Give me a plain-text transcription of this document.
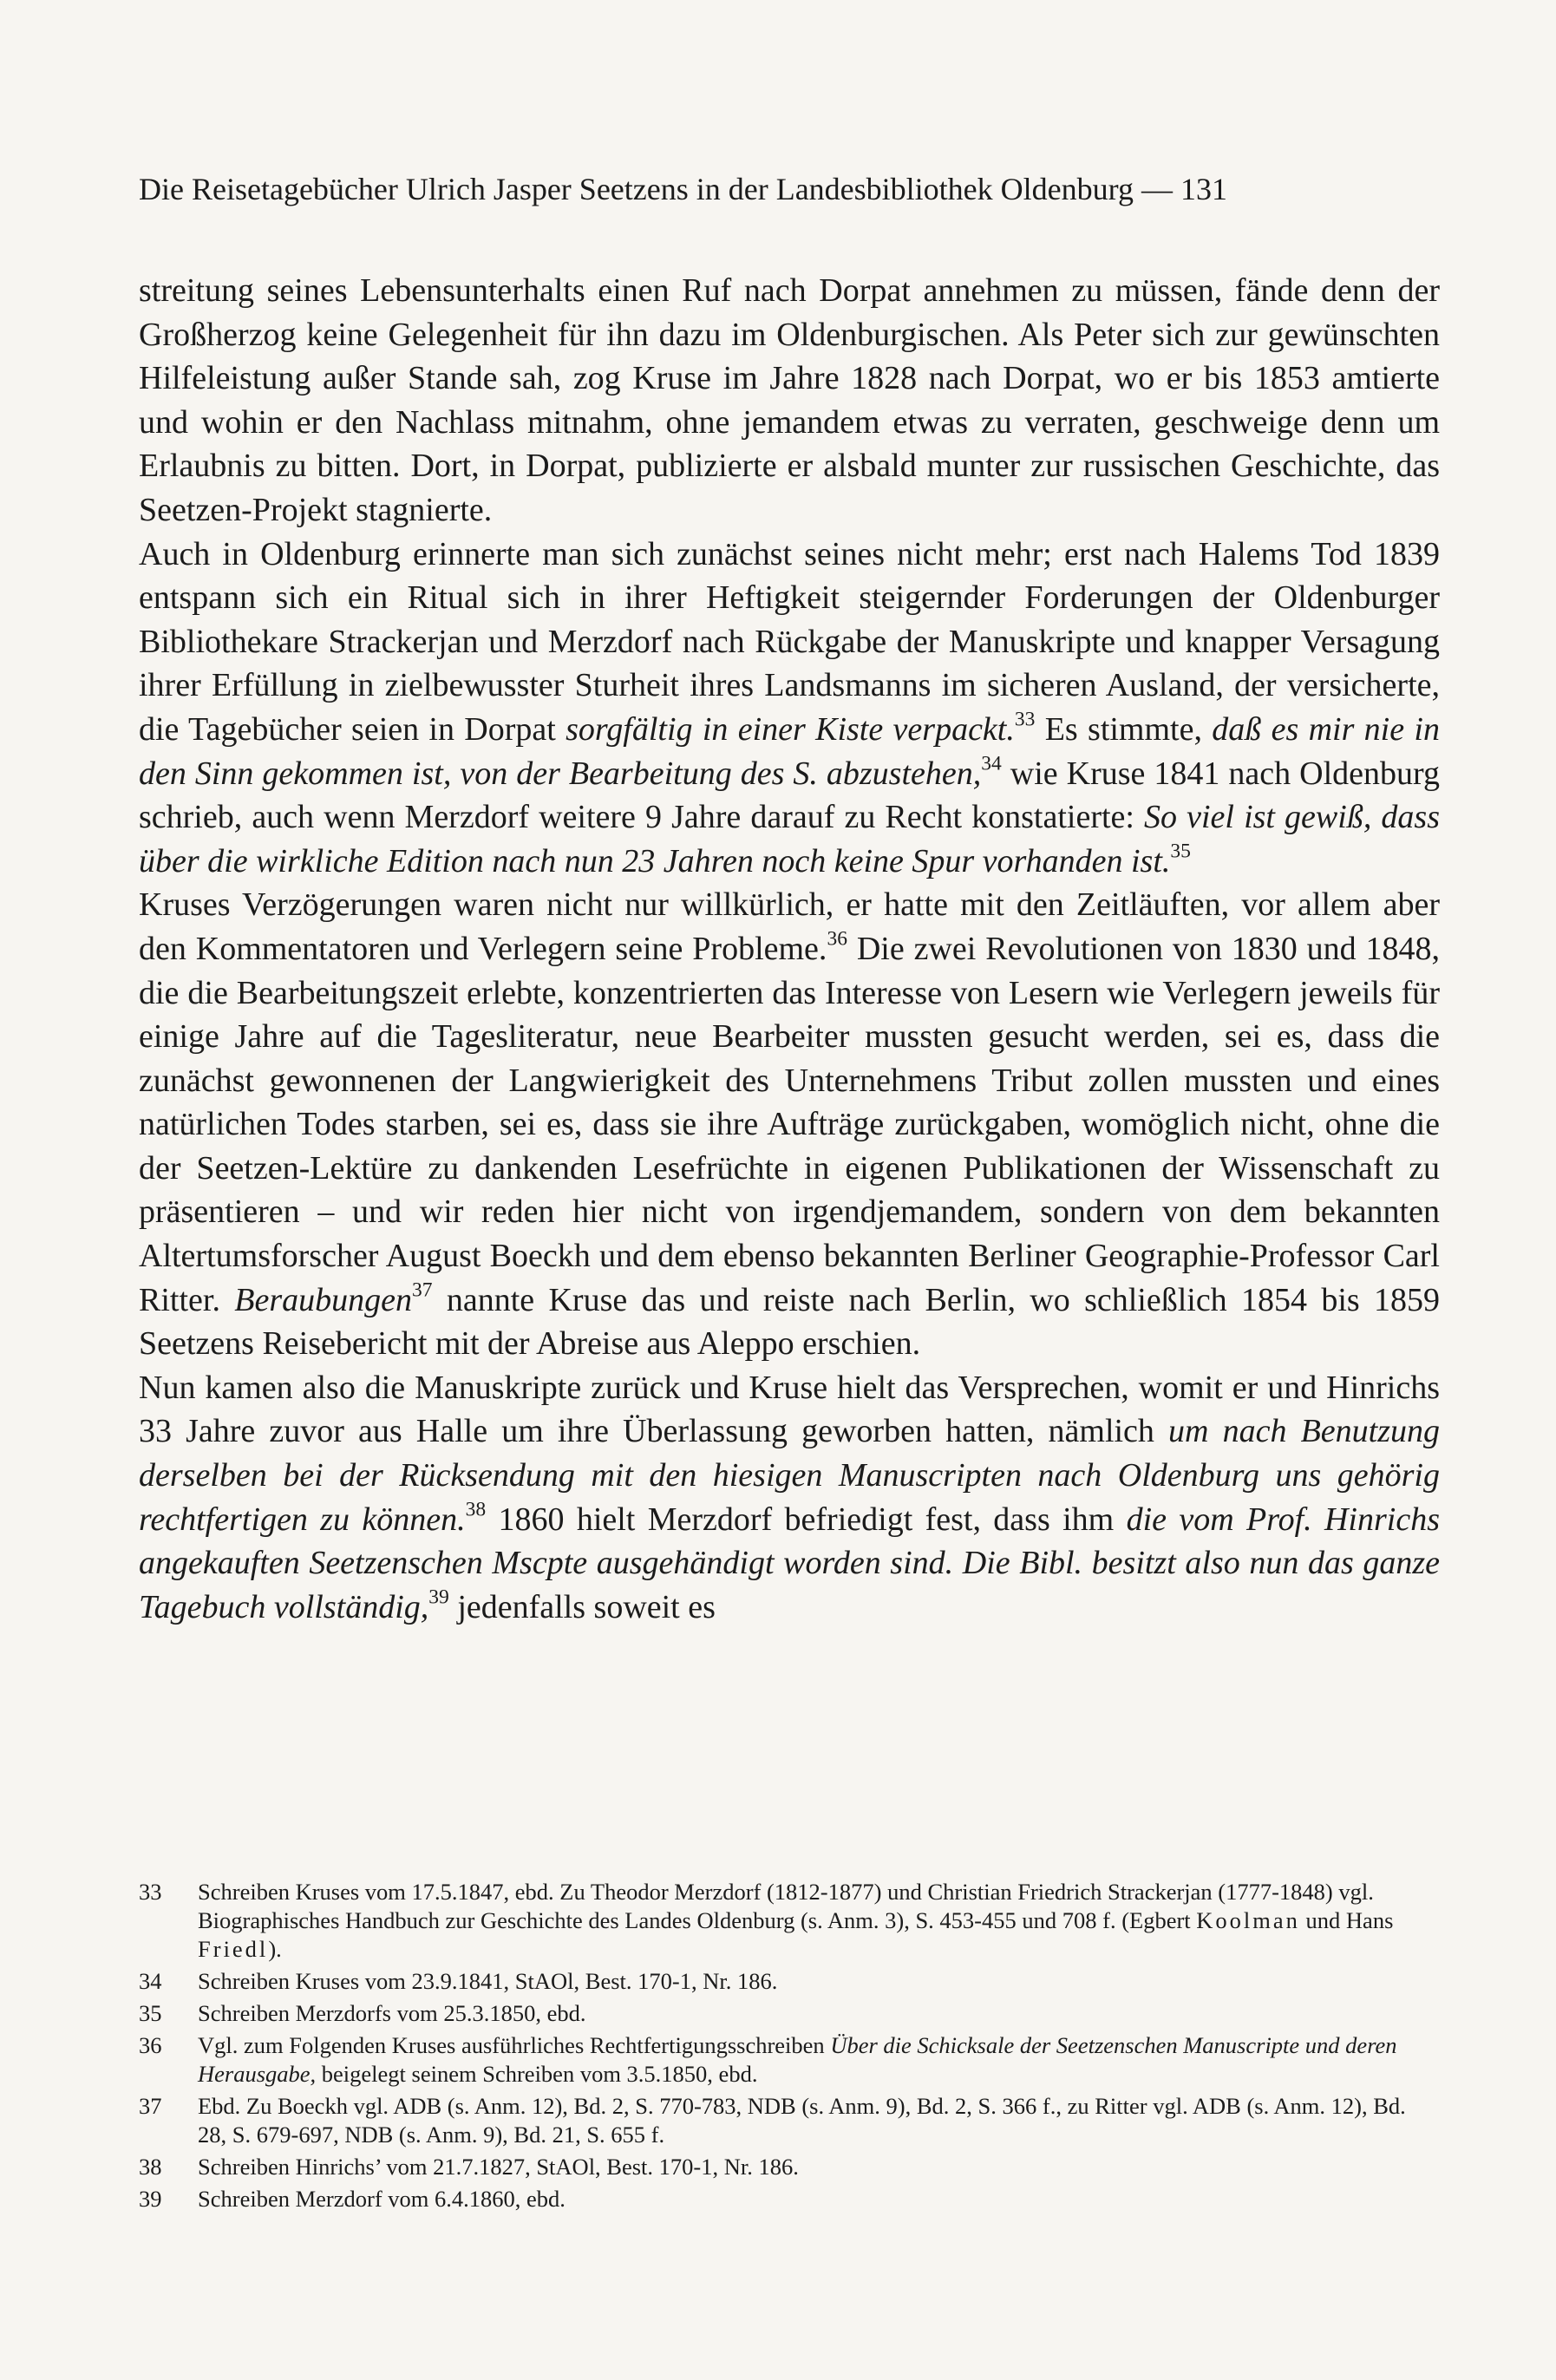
Die Reisetagebücher Ulrich Jasper Seetzens in der Landesbibliothek Oldenburg — 131

streitung seines Lebensunterhalts einen Ruf nach Dorpat annehmen zu müssen, fände denn der Großherzog keine Gelegenheit für ihn dazu im Oldenburgischen. Als Peter sich zur gewünschten Hilfeleistung außer Stande sah, zog Kruse im Jahre 1828 nach Dorpat, wo er bis 1853 amtierte und wohin er den Nachlass mitnahm, ohne jemandem etwas zu verraten, geschweige denn um Erlaubnis zu bitten. Dort, in Dorpat, publizierte er alsbald munter zur russischen Geschichte, das Seetzen-Projekt stagnierte.

Auch in Oldenburg erinnerte man sich zunächst seines nicht mehr; erst nach Halems Tod 1839 entspann sich ein Ritual sich in ihrer Heftigkeit steigernder Forderungen der Oldenburger Bibliothekare Strackerjan und Merzdorf nach Rückgabe der Manuskripte und knapper Versagung ihrer Erfüllung in zielbewusster Sturheit ihres Landsmanns im sicheren Ausland, der versicherte, die Tagebücher seien in Dorpat sorgfältig in einer Kiste verpackt.$^{33}$ Es stimmte, daß es mir nie in den Sinn gekommen ist, von der Bearbeitung des S. abzustehen,$^{34}$ wie Kruse 1841 nach Oldenburg schrieb, auch wenn Merzdorf weitere 9 Jahre darauf zu Recht konstatierte: So viel ist gewiß, dass über die wirkliche Edition nach nun 23 Jahren noch keine Spur vorhanden ist.$^{35}$

Kruses Verzögerungen waren nicht nur willkürlich, er hatte mit den Zeitläuften, vor allem aber den Kommentatoren und Verlegern seine Probleme.$^{36}$ Die zwei Revolutionen von 1830 und 1848, die die Bearbeitungszeit erlebte, konzentrierten das Interesse von Lesern wie Verlegern jeweils für einige Jahre auf die Tagesliteratur, neue Bearbeiter mussten gesucht werden, sei es, dass die zunächst gewonnenen der Langwierigkeit des Unternehmens Tribut zollen mussten und eines natürlichen Todes starben, sei es, dass sie ihre Aufträge zurückgaben, womöglich nicht, ohne die der Seetzen-Lektüre zu dankenden Lesefrüchte in eigenen Publikationen der Wissenschaft zu präsentieren – und wir reden hier nicht von irgendjemandem, sondern von dem bekannten Altertumsforscher August Boeckh und dem ebenso bekannten Berliner Geographie-Professor Carl Ritter. Beraubungen$^{37}$ nannte Kruse das und reiste nach Berlin, wo schließlich 1854 bis 1859 Seetzens Reisebericht mit der Abreise aus Aleppo erschien.

Nun kamen also die Manuskripte zurück und Kruse hielt das Versprechen, womit er und Hinrichs 33 Jahre zuvor aus Halle um ihre Überlassung geworben hatten, nämlich um nach Benutzung derselben bei der Rücksendung mit den hiesigen Manuscripten nach Oldenburg uns gehörig rechtfertigen zu können.$^{38}$ 1860 hielt Merzdorf befriedigt fest, dass ihm die vom Prof. Hinrichs angekauften Seetzenschen Mscpte ausgehändigt worden sind. Die Bibl. besitzt also nun das ganze Tagebuch vollständig,$^{39}$ jedenfalls soweit es

33	Schreiben Kruses vom 17.5.1847, ebd. Zu Theodor Merzdorf (1812-1877) und Christian Friedrich Strackerjan (1777-1848) vgl. Biographisches Handbuch zur Geschichte des Landes Oldenburg (s. Anm. 3), S. 453-455 und 708 f. (Egbert Koolman und Hans Friedl).
34	Schreiben Kruses vom 23.9.1841, StAOl, Best. 170-1, Nr. 186.
35	Schreiben Merzdorfs vom 25.3.1850, ebd.
36	Vgl. zum Folgenden Kruses ausführliches Rechtfertigungsschreiben Über die Schicksale der Seetzenschen Manuscripte und deren Herausgabe, beigelegt seinem Schreiben vom 3.5.1850, ebd.
37	Ebd. Zu Boeckh vgl. ADB (s. Anm. 12), Bd. 2, S. 770-783, NDB (s. Anm. 9), Bd. 2, S. 366 f., zu Ritter vgl. ADB (s. Anm. 12), Bd. 28, S. 679-697, NDB (s. Anm. 9), Bd. 21, S. 655 f.
38	Schreiben Hinrichs’ vom 21.7.1827, StAOl, Best. 170-1, Nr. 186.
39	Schreiben Merzdorf vom 6.4.1860, ebd.
